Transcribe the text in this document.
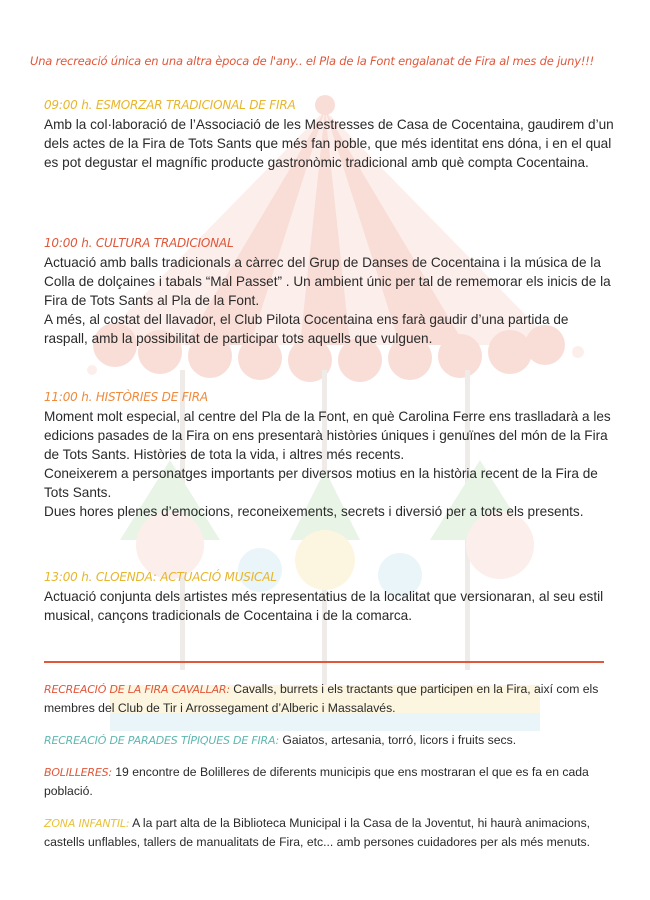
Una recreació única en una altra època de l'any.. el Pla de la Font engalanat de Fira al mes de juny!!!
09:00 h. ESMORZAR TRADICIONAL DE FIRA

Amb la col·laboració de l’Associació de les Mestresses de Casa de Cocentaina, gaudirem d’un dels actes de la Fira de Tots Sants que més fan poble, que més identitat ens dóna, i en el qual es pot degustar el magnífic producte gastronòmic tradicional amb què compta Cocentaina.

10:00 h. CULTURA TRADICIONAL

Actuació amb balls tradicionals a càrrec del Grup de Danses de Cocentaina i la música de la Colla de dolçaines i tabals “Mal Passet” . Un ambient únic per tal de rememorar els inicis de la Fira de Tots Sants al Pla de la Font.

A més, al costat del llavador, el Club Pilota Cocentaina ens farà gaudir d’una partida de raspall, amb la possibilitat de participar tots aquells que vulguen.

11:00 h. HISTÒRIES DE FIRA

Moment molt especial, al centre del Pla de la Font, en què Carolina Ferre ens traslladarà a les edicions pasades de la Fira on ens presentarà històries úniques i genuïnes del món de la Fira de Tots Sants. Històries de tota la vida, i altres més recents.

Coneixerem a personatges importants per diversos motius en la història recent de la Fira de Tots Sants.

Dues hores plenes d’emocions, reconeixements, secrets i diversió per a tots els presents.

13:00 h. CLOENDA: ACTUACIÓ MUSICAL

Actuació conjunta dels artistes més representatius de la localitat que versionaran, al seu estil musical, cançons tradicionals de Cocentaina i de la comarca.

RECREACIÓ DE LA FIRA CAVALLAR: Cavalls, burrets i els tractants que participen en la Fira, així com els membres del Club de Tir i Arrossegament d’Alberic i Massalavés.
RECREACIÓ DE PARADES TÍPIQUES DE FIRA: Gaiatos, artesania, torró, licors i fruits secs.
BOLILLERES: 19 encontre de Bolilleres de diferents municipis que ens mostraran el que es fa en cada població.
ZONA INFANTIL: A la part alta de la Biblioteca Municipal i la Casa de la Joventut, hi haurà animacions, castells unflables, tallers de manualitats de Fira, etc... amb persones cuidadores per als més menuts.
